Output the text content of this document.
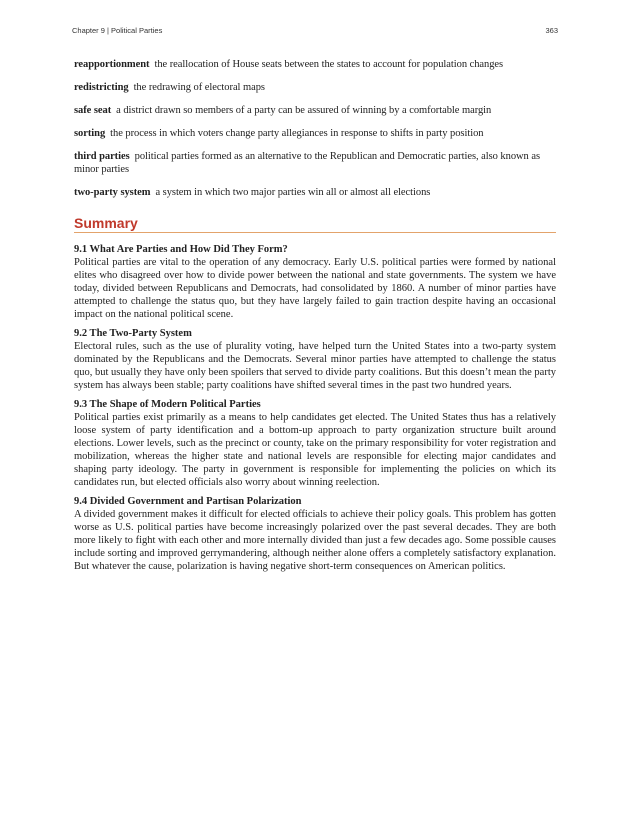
Chapter 9 | Political Parties	363

reapportionment the reallocation of House seats between the states to account for population changes

redistricting the redrawing of electoral maps

safe seat a district drawn so members of a party can be assured of winning by a comfortable margin

sorting the process in which voters change party allegiances in response to shifts in party position

third parties political parties formed as an alternative to the Republican and Democratic parties, also known as minor parties

two-party system a system in which two major parties win all or almost all elections

Summary
9.1 What Are Parties and How Did They Form?

Political parties are vital to the operation of any democracy. Early U.S. political parties were formed by national elites who disagreed over how to divide power between the national and state governments. The system we have today, divided between Republicans and Democrats, had consolidated by 1860. A number of minor parties have attempted to challenge the status quo, but they have largely failed to gain traction despite having an occasional impact on the national political scene.

9.2 The Two-Party System

Electoral rules, such as the use of plurality voting, have helped turn the United States into a two-party system dominated by the Republicans and the Democrats. Several minor parties have attempted to challenge the status quo, but usually they have only been spoilers that served to divide party coalitions. But this doesn’t mean the party system has always been stable; party coalitions have shifted several times in the past two hundred years.

9.3 The Shape of Modern Political Parties

Political parties exist primarily as a means to help candidates get elected. The United States thus has a relatively loose system of party identification and a bottom-up approach to party organization structure built around elections. Lower levels, such as the precinct or county, take on the primary responsibility for voter registration and mobilization, whereas the higher state and national levels are responsible for electing major candidates and shaping party ideology. The party in government is responsible for implementing the policies on which its candidates run, but elected officials also worry about winning reelection.

9.4 Divided Government and Partisan Polarization

A divided government makes it difficult for elected officials to achieve their policy goals. This problem has gotten worse as U.S. political parties have become increasingly polarized over the past several decades. They are both more likely to fight with each other and more internally divided than just a few decades ago. Some possible causes include sorting and improved gerrymandering, although neither alone offers a completely satisfactory explanation. But whatever the cause, polarization is having negative short-term consequences on American politics.
